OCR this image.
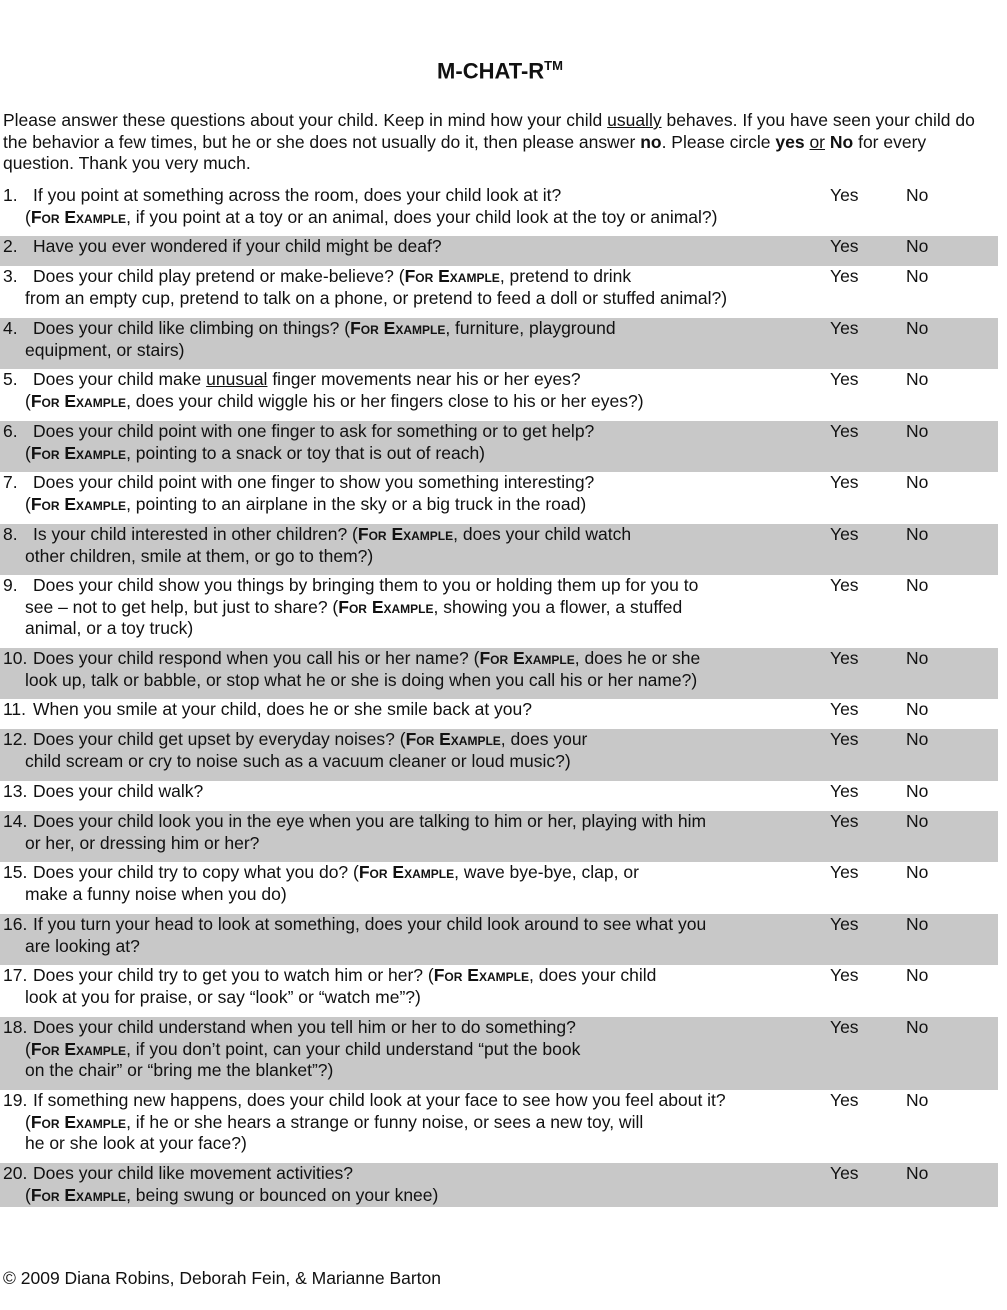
M-CHAT-R™
Please answer these questions about your child. Keep in mind how your child usually behaves. If you have seen your child do the behavior a few times, but he or she does not usually do it, then please answer no. Please circle yes or No for every question. Thank you very much.
1. If you point at something across the room, does your child look at it?
(For Example, if you point at a toy or an animal, does your child look at the toy or animal?)
Yes	No
2. Have you ever wondered if your child might be deaf?	Yes	No
3. Does your child play pretend or make-believe? (For Example, pretend to drink
from an empty cup, pretend to talk on a phone, or pretend to feed a doll or stuffed animal?)
Yes	No
4. Does your child like climbing on things? (For Example, furniture, playground
equipment, or stairs)
Yes	No
5. Does your child make unusual finger movements near his or her eyes?
(For Example, does your child wiggle his or her fingers close to his or her eyes?)
Yes	No
6. Does your child point with one finger to ask for something or to get help?
(For Example, pointing to a snack or toy that is out of reach)
Yes	No
7. Does your child point with one finger to show you something interesting?
(For Example, pointing to an airplane in the sky or a big truck in the road)
Yes	No
8. Is your child interested in other children? (For Example, does your child watch
other children, smile at them, or go to them?)
Yes	No
9. Does your child show you things by bringing them to you or holding them up for you to
see – not to get help, but just to share? (For Example, showing you a flower, a stuffed
animal, or a toy truck)
Yes	No
10. Does your child respond when you call his or her name? (For Example, does he or she
look up, talk or babble, or stop what he or she is doing when you call his or her name?)
Yes	No
11. When you smile at your child, does he or she smile back at you?	Yes	No
12. Does your child get upset by everyday noises? (For Example, does your
child scream or cry to noise such as a vacuum cleaner or loud music?)
Yes	No
13. Does your child walk?	Yes	No
14. Does your child look you in the eye when you are talking to him or her, playing with him
or her, or dressing him or her?
Yes	No
15. Does your child try to copy what you do? (For Example, wave bye-bye, clap, or
make a funny noise when you do)
Yes	No
16. If you turn your head to look at something, does your child look around to see what you
are looking at?
Yes	No
17. Does your child try to get you to watch him or her? (For Example, does your child
look at you for praise, or say “look” or “watch me”?)
Yes	No
18. Does your child understand when you tell him or her to do something?
(For Example, if you don’t point, can your child understand “put the book
on the chair” or “bring me the blanket”?)
Yes	No
19. If something new happens, does your child look at your face to see how you feel about it?
(For Example, if he or she hears a strange or funny noise, or sees a new toy, will
he or she look at your face?)
Yes	No
20. Does your child like movement activities?
(For Example, being swung or bounced on your knee)
Yes	No
© 2009 Diana Robins, Deborah Fein, & Marianne Barton
